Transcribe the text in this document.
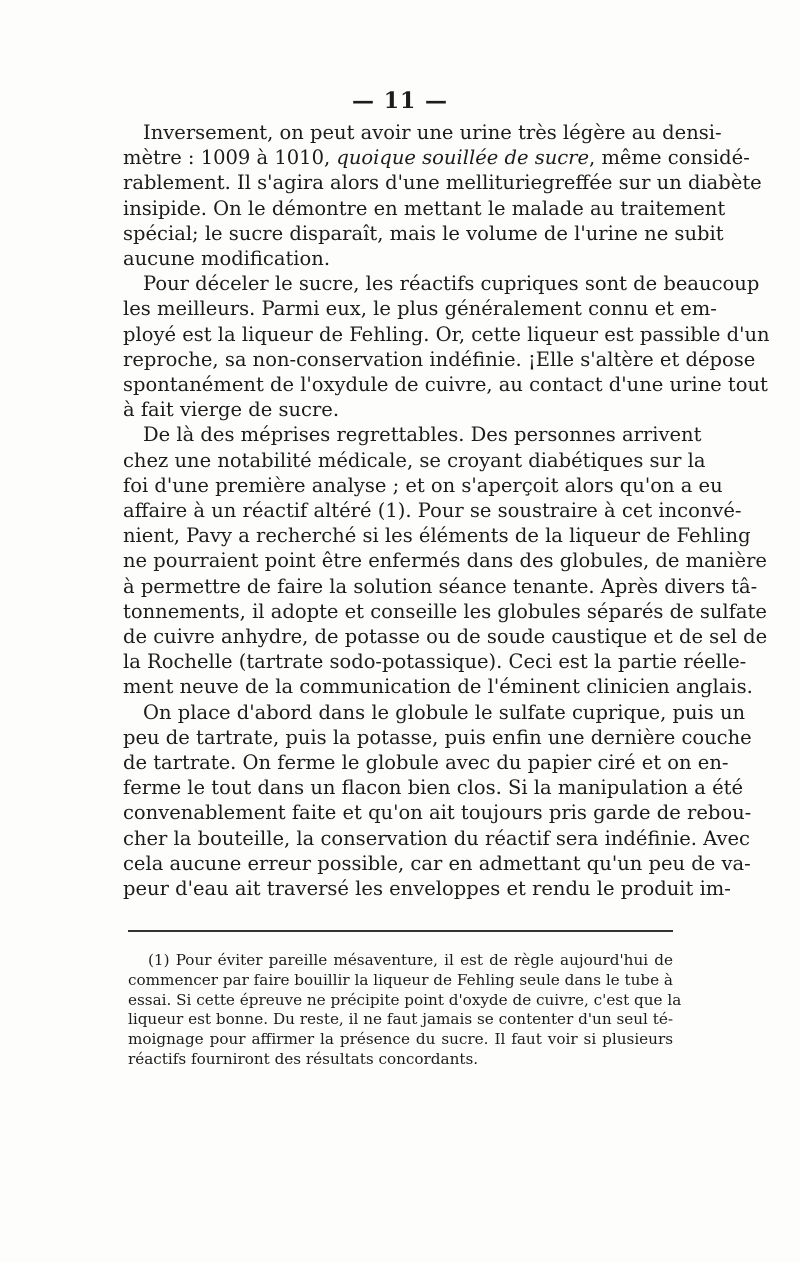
— 11 —
Inversement, on peut avoir une urine très légère au densi-
mètre : 1009 à 1010, quoique souillée de sucre, même considé-
rablement. Il s'agira alors d'une mellituriegreffée sur un diabète
insipide. On le démontre en mettant le malade au traitement
spécial; le sucre disparaît, mais le volume de l'urine ne subit
aucune modification.
Pour déceler le sucre, les réactifs cupriques sont de beaucoup
les meilleurs. Parmi eux, le plus généralement connu et em-
ployé est la liqueur de Fehling. Or, cette liqueur est passible d'un
reproche, sa non-conservation indéfinie. ¡Elle s'altère et dépose
spontanément de l'oxydule de cuivre, au contact d'une urine tout
à fait vierge de sucre.
De là des méprises regrettables. Des personnes arrivent
chez une notabilité médicale, se croyant diabétiques sur la
foi d'une première analyse ; et on s'aperçoit alors qu'on a eu
affaire à un réactif altéré (1). Pour se soustraire à cet inconvé-
nient, Pavy a recherché si les éléments de la liqueur de Fehling
ne pourraient point être enfermés dans des globules, de manière
à permettre de faire la solution séance tenante. Après divers tâ-
tonnements, il adopte et conseille les globules séparés de sulfate
de cuivre anhydre, de potasse ou de soude caustique et de sel de
la Rochelle (tartrate sodo-potassique). Ceci est la partie réelle-
ment neuve de la communication de l'éminent clinicien anglais.
On place d'abord dans le globule le sulfate cuprique, puis un
peu de tartrate, puis la potasse, puis enfin une dernière couche
de tartrate. On ferme le globule avec du papier ciré et on en-
ferme le tout dans un flacon bien clos. Si la manipulation a été
convenablement faite et qu'on ait toujours pris garde de rebou-
cher la bouteille, la conservation du réactif sera indéfinie. Avec
cela aucune erreur possible, car en admettant qu'un peu de va-
peur d'eau ait traversé les enveloppes et rendu le produit im-
(1) Pour éviter pareille mésaventure, il est de règle aujourd'hui de
commencer par faire bouillir la liqueur de Fehling seule dans le tube à
essai. Si cette épreuve ne précipite point d'oxyde de cuivre, c'est que la
liqueur est bonne. Du reste, il ne faut jamais se contenter d'un seul té-
moignage pour affirmer la présence du sucre. Il faut voir si plusieurs
réactifs fourniront des résultats concordants.
